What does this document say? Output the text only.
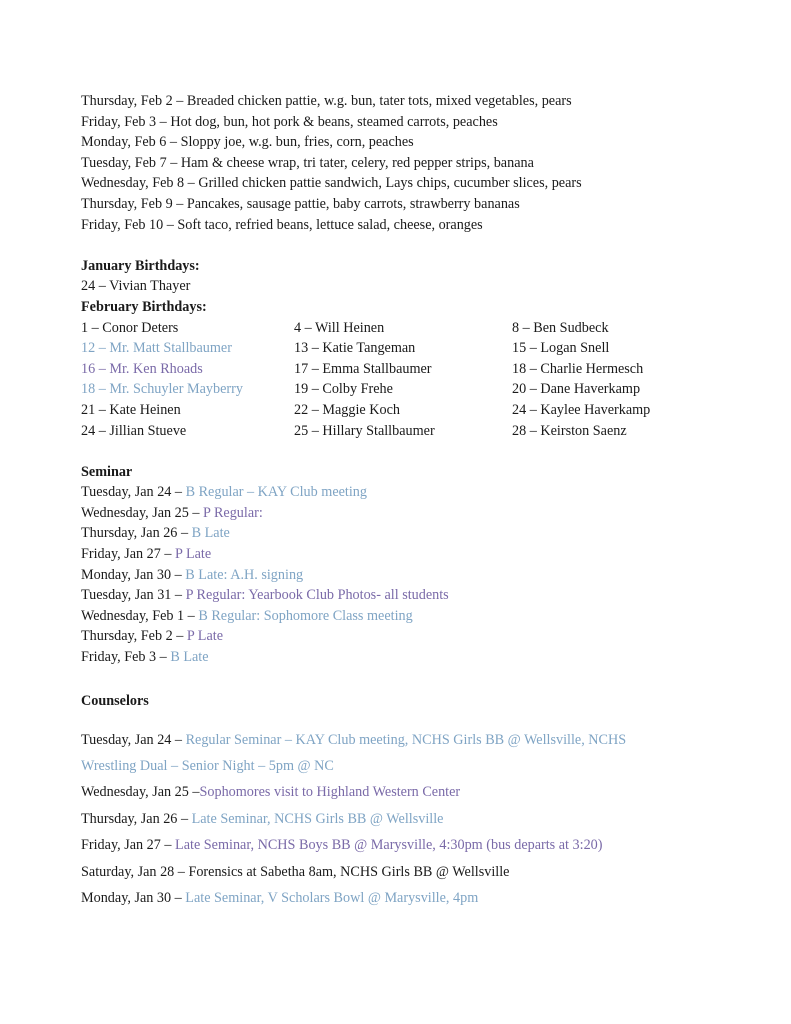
Thursday, Feb 2 – Breaded chicken pattie, w.g. bun, tater tots, mixed vegetables, pears
Friday, Feb 3 – Hot dog, bun, hot pork & beans, steamed carrots, peaches
Monday, Feb 6 – Sloppy joe, w.g. bun, fries, corn, peaches
Tuesday, Feb 7 – Ham & cheese wrap, tri tater, celery, red pepper strips, banana
Wednesday, Feb 8 – Grilled chicken pattie sandwich, Lays chips, cucumber slices, pears
Thursday, Feb 9 – Pancakes, sausage pattie, baby carrots, strawberry bananas
Friday, Feb 10 – Soft taco, refried beans, lettuce salad, cheese, oranges
January Birthdays:
24 – Vivian Thayer
February Birthdays:
1 – Conor Deters
12 – Mr. Matt Stallbaumer
16 – Mr. Ken Rhoads
18 – Mr. Schuyler Mayberry
21 – Kate Heinen
24 – Jillian Stueve
4 – Will Heinen
13 – Katie Tangeman
17 – Emma Stallbaumer
19 – Colby Frehe
22 – Maggie Koch
25 – Hillary Stallbaumer
8 – Ben Sudbeck
15 – Logan Snell
18 – Charlie Hermesch
20 – Dane Haverkamp
24 – Kaylee Haverkamp
28 – Keirston Saenz
Seminar
Tuesday, Jan 24 – B Regular – KAY Club meeting
Wednesday, Jan 25 – P Regular:
Thursday, Jan 26 – B Late
Friday, Jan 27 – P Late
Monday, Jan 30 – B Late: A.H. signing
Tuesday, Jan 31 – P Regular: Yearbook Club Photos- all students
Wednesday, Feb 1 – B Regular: Sophomore Class meeting
Thursday, Feb 2 – P Late
Friday, Feb 3 – B Late
Counselors
Tuesday, Jan 24 – Regular Seminar – KAY Club meeting, NCHS Girls BB @ Wellsville, NCHS
Wrestling Dual – Senior Night – 5pm @ NC
Wednesday, Jan 25 –Sophomores visit to Highland Western Center
Thursday, Jan 26 – Late Seminar, NCHS Girls BB @ Wellsville
Friday, Jan 27 – Late Seminar, NCHS Boys BB @ Marysville, 4:30pm (bus departs at 3:20)
Saturday, Jan 28 – Forensics at Sabetha 8am, NCHS Girls BB @ Wellsville
Monday, Jan 30 – Late Seminar, V Scholars Bowl @ Marysville, 4pm
